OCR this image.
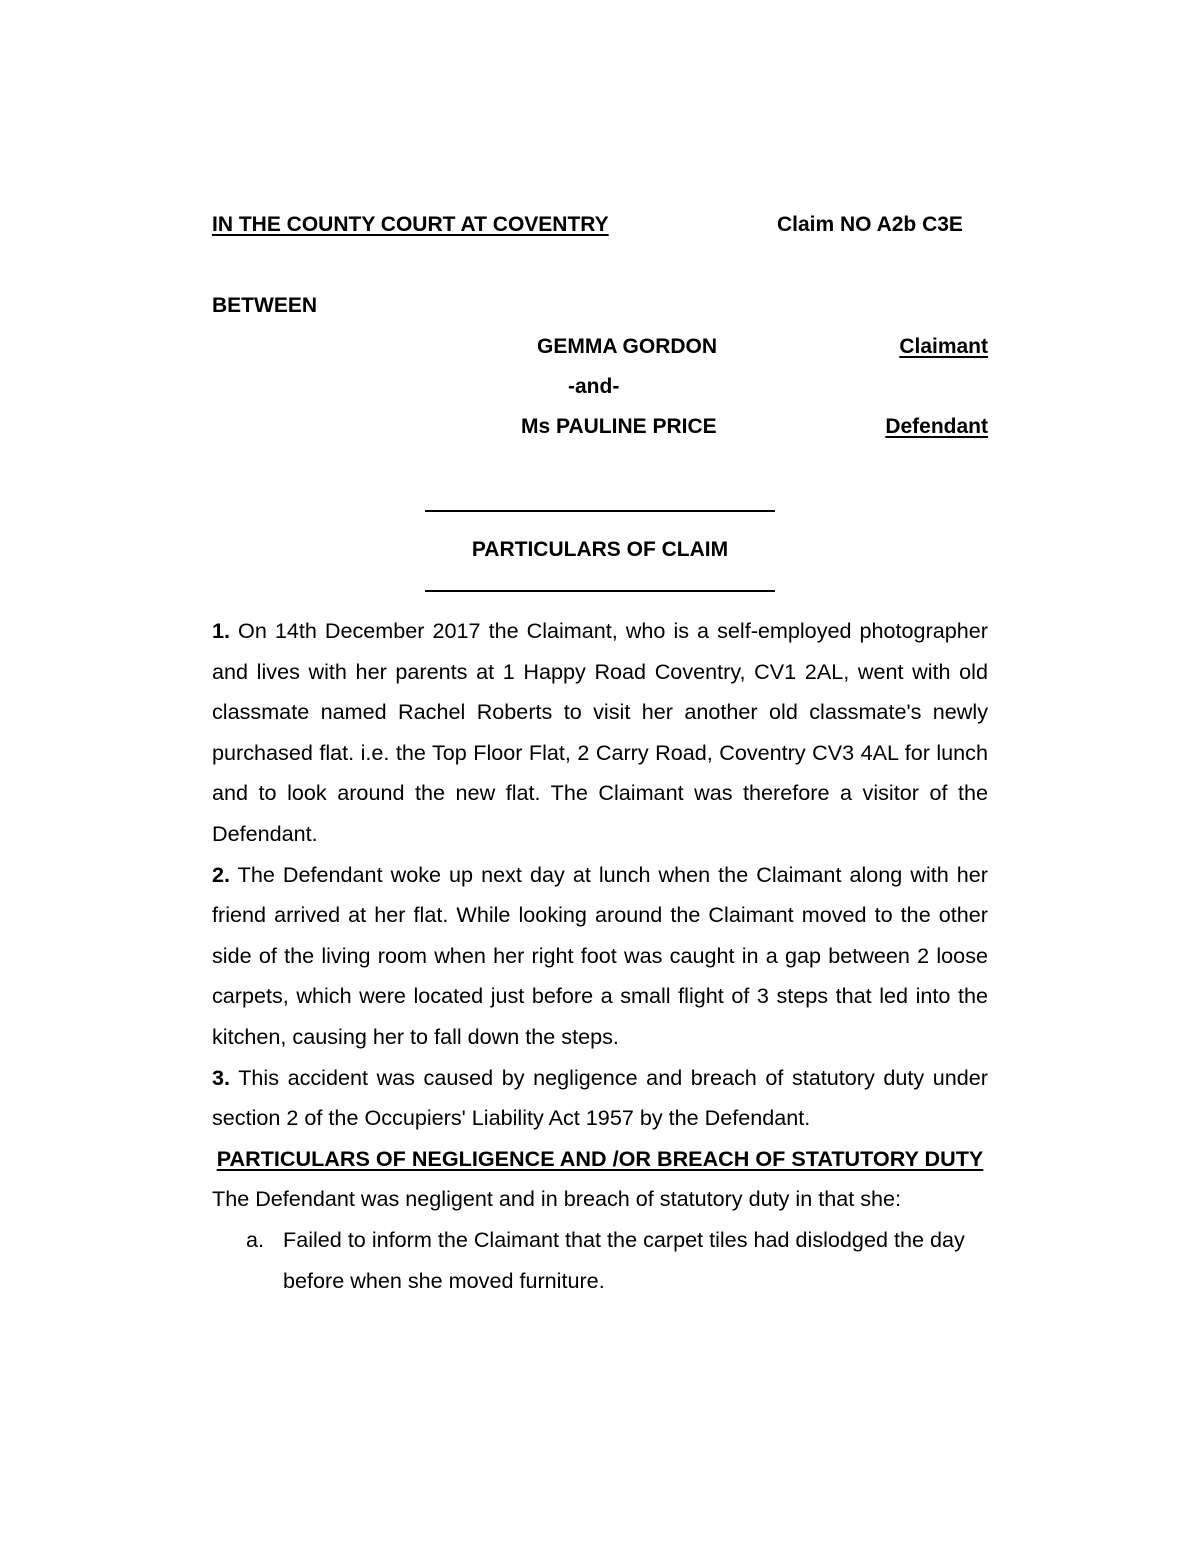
IN THE COUNTY COURT AT COVENTRY	Claim NO A2b C3E
BETWEEN
GEMMA GORDON	Claimant
-and-
Ms PAULINE PRICE	Defendant
PARTICULARS OF CLAIM

1. On 14th December 2017 the Claimant, who is a self-employed photographer and lives with her parents at 1 Happy Road Coventry, CV1 2AL, went with old classmate named Rachel Roberts to visit her another old classmate's newly purchased flat. i.e. the Top Floor Flat, 2 Carry Road, Coventry CV3 4AL for lunch and to look around the new flat. The Claimant was therefore a visitor of the Defendant.

2. The Defendant woke up next day at lunch when the Claimant along with her friend arrived at her flat. While looking around the Claimant moved to the other side of the living room when her right foot was caught in a gap between 2 loose carpets, which were located just before a small flight of 3 steps that led into the kitchen, causing her to fall down the steps.

3. This accident was caused by negligence and breach of statutory duty under section 2 of the Occupiers' Liability Act 1957 by the Defendant.

PARTICULARS OF NEGLIGENCE AND /OR BREACH OF STATUTORY DUTY

The Defendant was negligent and in breach of statutory duty in that she:

a. Failed to inform the Claimant that the carpet tiles had dislodged the day before when she moved furniture.
